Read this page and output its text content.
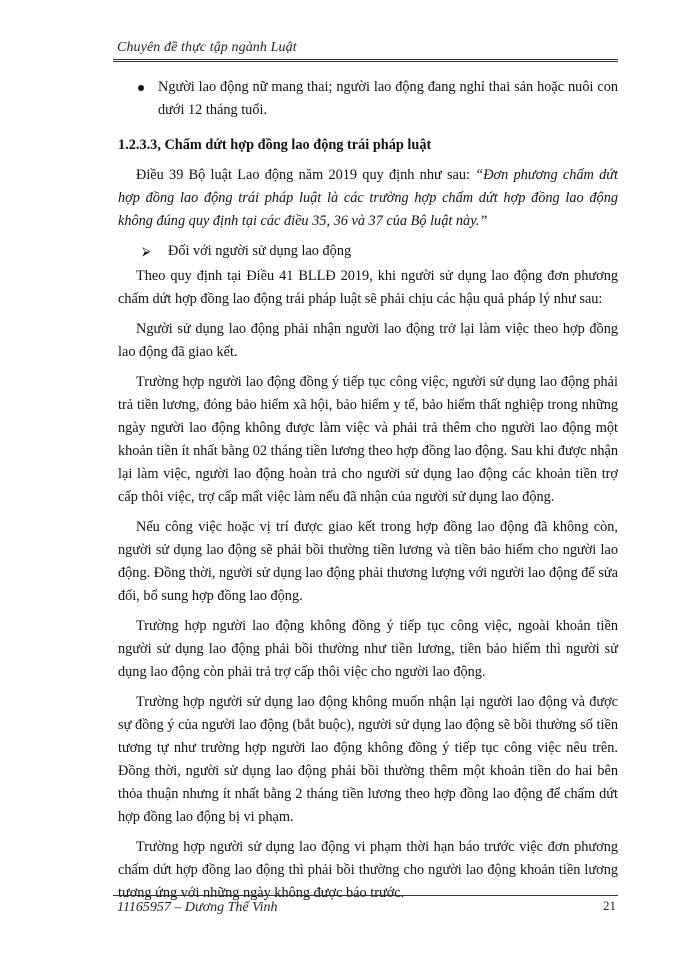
Chuyên đề thực tập ngành Luật
Người lao động nữ mang thai; người lao động đang nghỉ thai sản hoặc nuôi con dưới 12 tháng tuổi.

1.2.3.3, Chấm dứt hợp đồng lao động trái pháp luật

Điều 39 Bộ luật Lao động năm 2019 quy định như sau: “Đơn phương chấm dứt hợp đồng lao động trái pháp luật là các trường hợp chấm dứt hợp đồng lao động không đúng quy định tại các điều 35, 36 và 37 của Bộ luật này.”

⮚ Đối với người sử dụng lao động

Theo quy định tại Điều 41 BLLĐ 2019, khi người sử dụng lao động đơn phương chấm dứt hợp đồng lao động trái pháp luật sẽ phải chịu các hậu quả pháp lý như sau:

Người sử dụng lao động phải nhận người lao động trở lại làm việc theo hợp đồng lao động đã giao kết.

Trường hợp người lao động đồng ý tiếp tục công việc, người sử dụng lao động phải trả tiền lương, đóng bảo hiểm xã hội, bảo hiểm y tế, bảo hiểm thất nghiệp trong những ngày người lao động không được làm việc và phải trả thêm cho người lao động một khoản tiền ít nhất bằng 02 tháng tiền lương theo hợp đồng lao động. Sau khi được nhận lại làm việc, người lao động hoàn trả cho người sử dụng lao động các khoản tiền trợ cấp thôi việc, trợ cấp mất việc làm nếu đã nhận của người sử dụng lao động.

Nếu công việc hoặc vị trí được giao kết trong hợp đồng lao động đã không còn, người sử dụng lao động sẽ phải bồi thường tiền lương và tiền bảo hiểm cho người lao động. Đồng thời, người sử dụng lao động phải thương lượng với người lao động để sửa đổi, bổ sung hợp đồng lao động.

Trường hợp người lao động không đồng ý tiếp tục công việc, ngoài khoản tiền người sử dụng lao động phải bồi thường như tiền lương, tiền bảo hiểm thì người sử dụng lao động còn phải trả trợ cấp thôi việc cho người lao động.

Trường hợp người sử dụng lao động không muốn nhận lại người lao động và được sự đồng ý của người lao động (bắt buộc), người sử dụng lao động sẽ bồi thường số tiền tương tự như trường hợp người lao động không đồng ý tiếp tục công việc nêu trên. Đồng thời, người sử dụng lao động phải bồi thường thêm một khoản tiền do hai bên thỏa thuận nhưng ít nhất bằng 2 tháng tiền lương theo hợp đồng lao động để chấm dứt hợp đồng lao động bị vi phạm.

Trường hợp người sử dụng lao động vi phạm thời hạn báo trước việc đơn phương chấm dứt hợp đồng lao động thì phải bồi thường cho người lao động khoản tiền lương tương ứng với những ngày không được báo trước.

11165957 – Dương Thế Vinh	21
